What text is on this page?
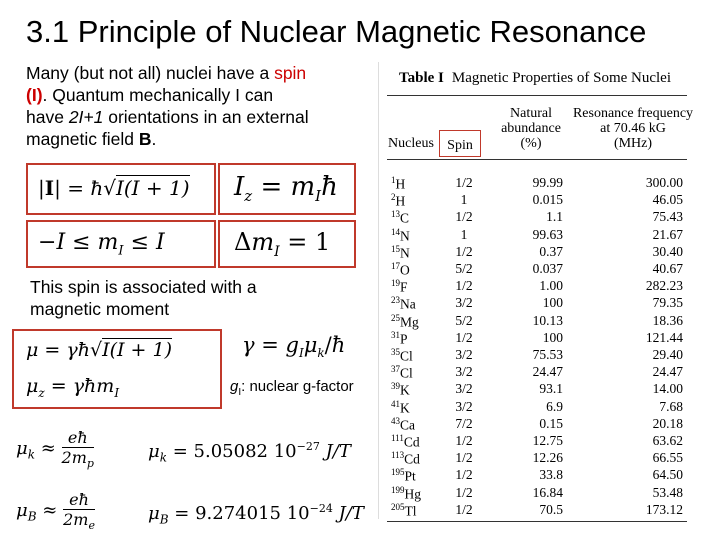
3.1 Principle of Nuclear Magnetic Resonance
Many (but not all) nuclei have a spin
(I). Quantum mechanically I can
have 2I+1 orientations in an external
magnetic field B.
|I| = ħ√I(I + 1) $I_z$ = $m_Iħ$
$-I \le m_I \le I$	$\Delta m_I = 1$
This spin is associated with a
magnetic moment
μ = γħ√I(I + 1)
$\mu_z$ = γħm$_I$
$\gamma = g_I\mu_k/ħ$
$g_I$: nuclear g-factor
$\mu_k \approx \frac{eħ}{2m_p}$	$\mu_k = 5.05082$ $10^{-27}$ J/T
$\mu_B \approx \frac{eħ}{2m_e}$	$\mu_B = 9.274015$ $10^{-24}$ J/T
Table I Magnetic Properties of Some Nuclei
Natural
abundance
(%)
Resonance frequency
at 70.46 kG
(MHz)
Nucleus Spin
$^1$H	1/2	99.99	300.00
$^2$H	1	0.015	46.05
$^{13}$C	1/2	1.1	75.43
$^{14}$N	1	99.63	21.67
$^{15}$N	1/2	0.37	30.40
$^{17}$O	5/2	0.037	40.67
$^{19}$F	1/2	1.00	282.23
$^{23}$Na	3/2	100	79.35
$^{25}$Mg	5/2	10.13	18.36
$^{31}$P	1/2	100	121.44
$^{35}$Cl	3/2	75.53	29.40
$^{37}$Cl	3/2	24.47	24.47
$^{39}$K	3/2	93.1	14.00
$^{41}$K	3/2	6.9	7.68
$^{43}$Ca	7/2	0.15	20.18
$^{111}$Cd	1/2	12.75	63.62
$^{113}$Cd	1/2	12.26	66.55
$^{195}$Pt	1/2	33.8	64.50
$^{199}$Hg	1/2	16.84	53.48
$^{205}$Tl	1/2	70.5	173.12
